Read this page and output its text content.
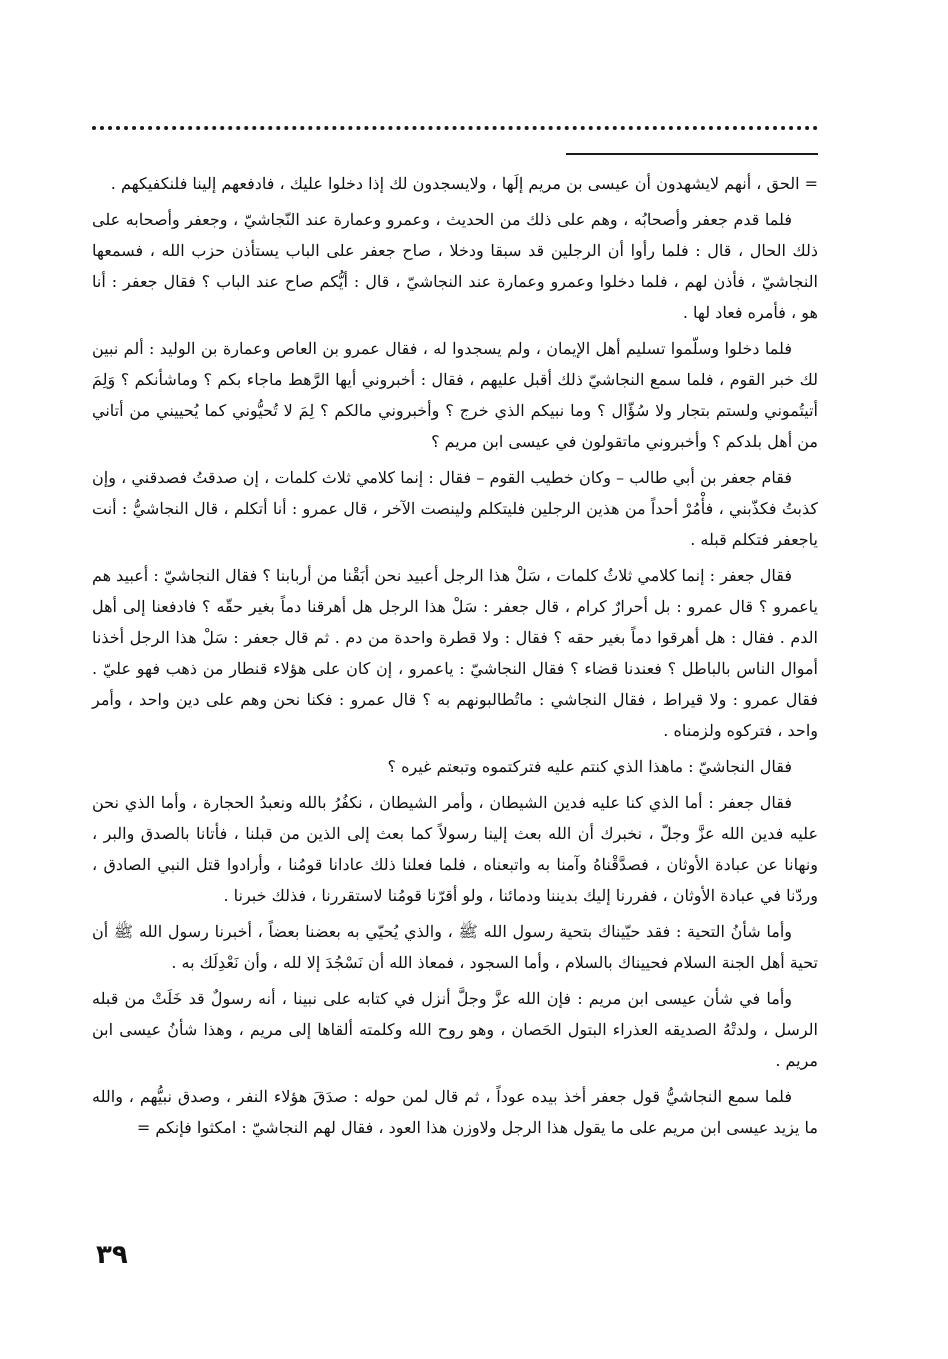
= الحق ، أنهم لايشهدون أن عيسى بن مريم إلَها ، ولايسجدون لك إذا دخلوا عليك ، فادفعهم إلينا فلنكفيكهم .

فلما قدم جعفر وأصحابُه ، وهم على ذلك من الحديث ، وعمرو وعمارة عند النّجاشيّ ، وجعفر وأصحابه على ذلك الحال ، قال : فلما رأوا أن الرجلين قد سبقا ودخلا ، صاح جعفر على الباب يستأذن حزب الله ، فسمعها النجاشيّ ، فأذن لهم ، فلما دخلوا وعمرو وعمارة عند النجاشيّ ، قال : أيُّكم صاح عند الباب ؟ فقال جعفر : أنا هو ، فأمره فعاد لها .

فلما دخلوا وسلّموا تسليم أهل الإيمان ، ولم يسجدوا له ، فقال عمرو بن العاص وعمارة بن الوليد : ألم نبين لك خبر القوم ، فلما سمع النجاشيّ ذلك أقبل عليهم ، فقال : أخبروني أيها الرَّهط ماجاء بكم ؟ وماشأنكم ؟ وَلِمَ أتيتُموني ولستم بتجار ولا سُؤّال ؟ وما نبيكم الذي خرج ؟ وأخبروني مالكم ؟ لِمَ لا تُحيُّوني كما يُحييني من أتاني من أهل بلدكم ؟ وأخبروني ماتقولون في عيسى ابن مريم ؟

فقام جعفر بن أبي طالب – وكان خطيب القوم – فقال : إنما كلامي ثلاث كلمات ، إن صدقتُ فصدقني ، وإن كذبتُ فكذّبني ، فأْمُرْ أحداً من هذين الرجلين فليتكلم ولينصت الآخر ، قال عمرو : أنا أتكلم ، قال النجاشيُّ : أنت ياجعفر فتكلم قبله .

فقال جعفر : إنما كلامي ثلاثُ كلمات ، سَلْ هذا الرجل أعبيد نحن أبَقْنا من أربابنا ؟ فقال النجاشيّ : أعبيد هم ياعمرو ؟ قال عمرو : بل أحرارٌ كرام ، قال جعفر : سَلْ هذا الرجل هل أهرقنا دماً بغير حقّه ؟ فادفعنا إلى أهل الدم . فقال : هل أهرقوا دماً بغير حقه ؟ فقال : ولا قطرة واحدة من دم . ثم قال جعفر : سَلْ هذا الرجل أخذنا أموال الناس بالباطل ؟ فعندنا قضاء ؟ فقال النجاشيّ : ياعمرو ، إن كان على هؤلاء قنطار من ذهب فهو عليّ . فقال عمرو : ولا قيراط ، فقال النجاشي : ماتُطالبونهم به ؟ قال عمرو : فكنا نحن وهم على دين واحد ، وأمر واحد ، فتركوه ولزمناه .

فقال النجاشيّ : ماهذا الذي كنتم عليه فتركتموه وتبعتم غيره ؟

فقال جعفر : أما الذي كنا عليه فدين الشيطان ، وأمر الشيطان ، نكفُرُ بالله ونعبدُ الحجارة ، وأما الذي نحن عليه فدين الله عزَّ وجلّ ، نخبرك أن الله بعث إلينا رسولاً كما بعث إلى الذين من قبلنا ، فأتانا بالصدق والبر ، ونهانا عن عبادة الأوثان ، فصدَّقْناهُ وآمنا به واتبعناه ، فلما فعلنا ذلك عادانا قومُنا ، وأرادوا قتل النبي الصادق ، وردّنا في عبادة الأوثان ، ففررنا إليك بديننا ودمائنا ، ولو أقرّنا قومُنا لاستقررنا ، فذلك خبرنا .

وأما شأنُ التحية : فقد حيّيناك بتحية رسول الله ﷺ ، والذي يُحيّي به بعضنا بعضاً ، أخبرنا رسول الله ﷺ أن تحية أهل الجنة السلام فحييناك بالسلام ، وأما السجود ، فمعاذ الله أن نَسْجُدَ إلا لله ، وأن نَعْدِلَك به .

وأما في شأن عيسى ابن مريم : فإن الله عزَّ وجلَّ أنزل في كتابه على نبينا ، أنه رسولٌ قد خَلَتْ من قبله الرسل ، ولدتْهُ الصديقه العذراء البتول الحَصان ، وهو روح الله وكلمته ألقاها إلى مريم ، وهذا شأنُ عيسى ابن مريم .

فلما سمع النجاشيُّ قول جعفر أخذ بيده عوداً ، ثم قال لمن حوله : صدَقَ هؤلاء النفر ، وصدق نبيُّهم ، والله ما يزيد عيسى ابن مريم على ما يقول هذا الرجل ولاوزن هذا العود ، فقال لهم النجاشيّ : امكثوا فإنكم =

٣٩
